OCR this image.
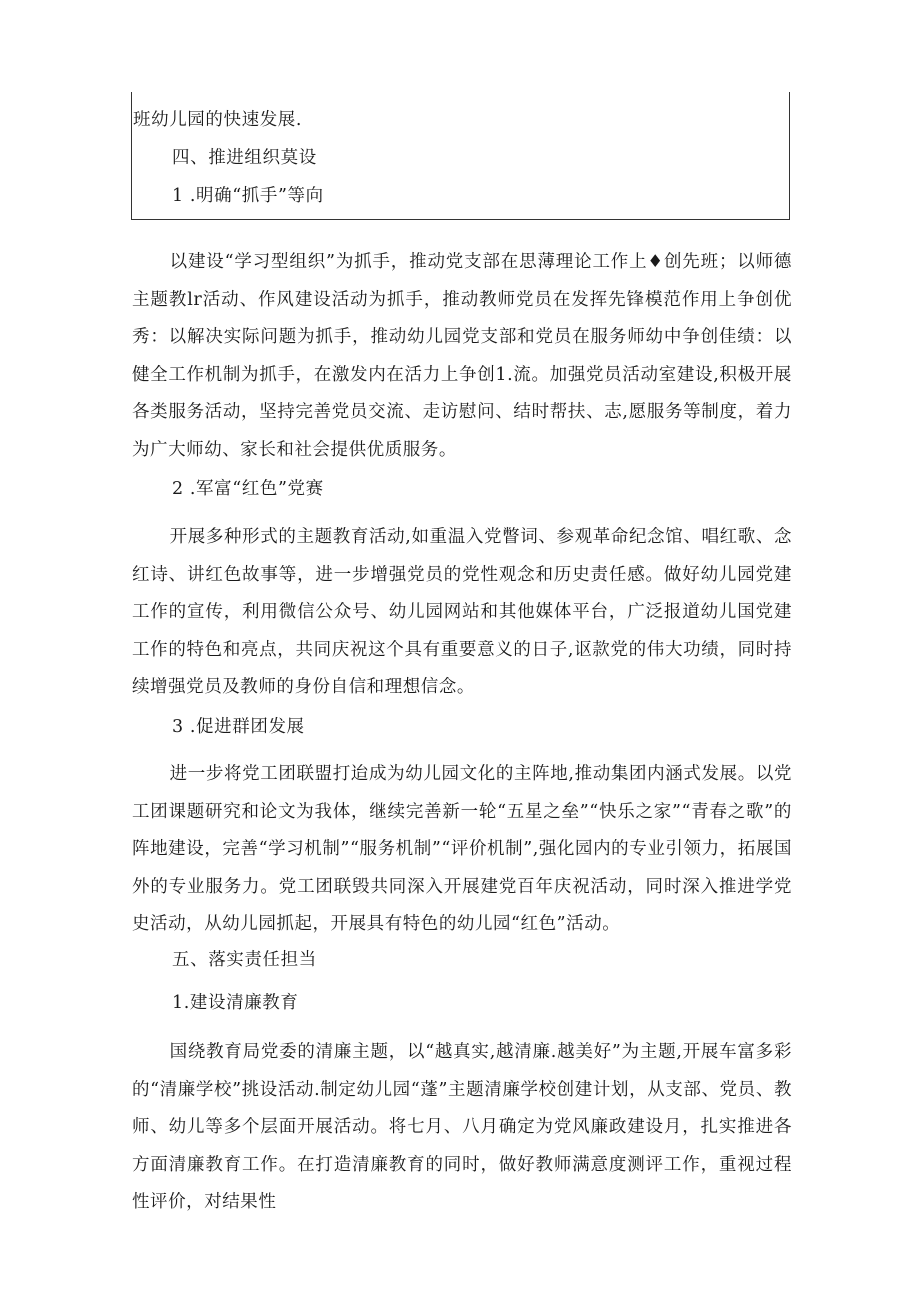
班幼儿园的快速发展.
四、推进组织莫设
1 .明确“抓手”等向

以建设“学习型组织”为抓手，推动党支部在思薄理论工作上♦创先班；以师德主题教lr活动、作风建设活动为抓手，推动教师党员在发挥先锋模范作用上争创优秀：以解决实际问题为抓手，推动幼儿园党支部和党员在服务师幼中争创佳绩：以健全工作机制为抓手，在激发内在活力上争创1.流。加强党员活动室建设,积极开展各类服务活动，坚持完善党员交流、走访慰问、结时帮扶、志,愿服务等制度，着力为广大师幼、家长和社会提供优质服务。

2 .军富“红色”党赛

开展多种形式的主题教育活动,如重温入党瞥词、参观革命纪念馆、唱红歌、念红诗、讲红色故事等，进一步增强党员的党性观念和历史责任感。做好幼儿园党建工作的宣传，利用微信公众号、幼儿园网站和其他媒体平台，广泛报道幼儿国党建工作的特色和亮点，共同庆祝这个具有重要意义的日子,讴款党的伟大功绩，同时持续增强党员及教师的身份自信和理想信念。

3 .促进群团发展

进一步将党工团联盟打迨成为幼儿园文化的主阵地,推动集团内涵式发展。以党工团课题研究和论文为我体，继续完善新一轮“五星之垒”“快乐之家”“青春之歌”的阵地建设，完善“学习机制”“服务机制”“评价机制”,强化园内的专业引领力，拓展国外的专业服务力。党工团联毁共同深入开展建党百年庆祝活动，同时深入推进学党史活动，从幼儿园抓起，开展具有特色的幼儿园“红色”活动。

五、落实责任担当
1.建设清廉教育

国绕教育局党委的清廉主题，以“越真实,越清廉.越美好”为主题,开展车富多彩的“清廉学校”挑设活动.制定幼儿园“蓬”主题清廉学校创建计划，从支部、党员、教师、幼儿等多个层面开展活动。将七月、八月确定为党风廉政建设月，扎实推进各方面清廉教育工作。在打造清廉教育的同时，做好教师满意度测评工作，重视过程性评价，对结果性
